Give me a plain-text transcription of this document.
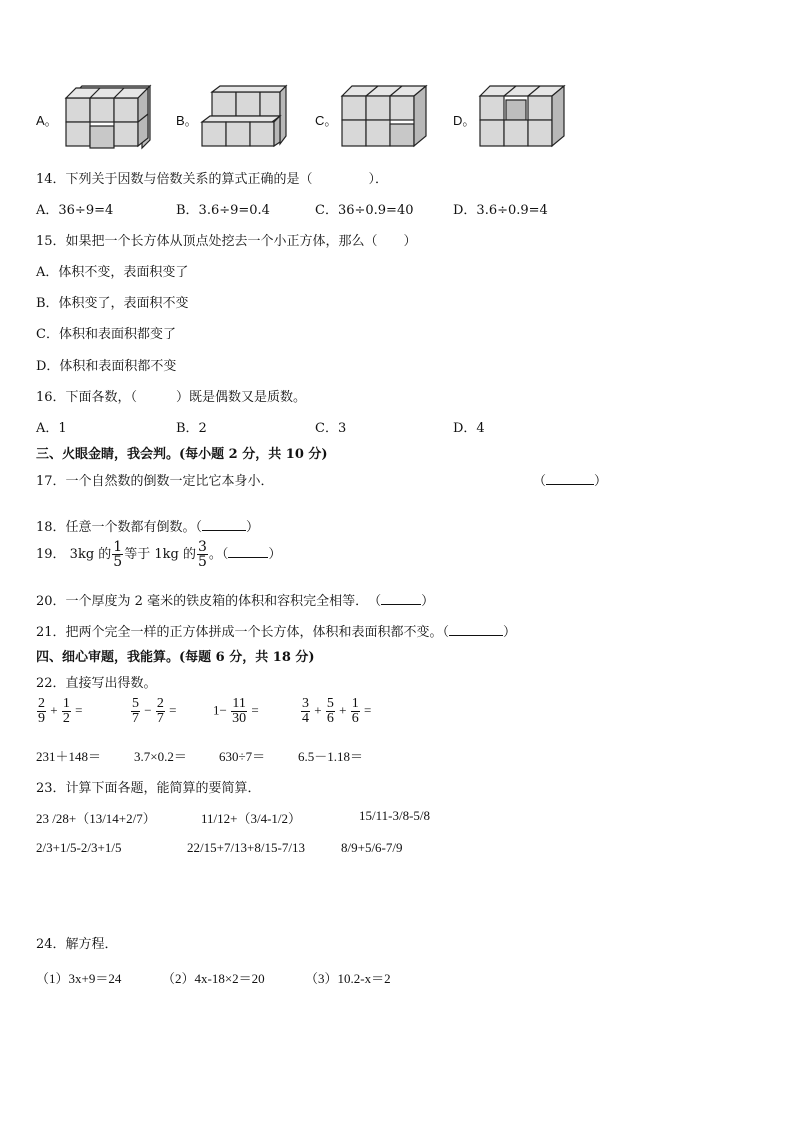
A。	B。	C。	D。
14．下列关于因数与倍数关系的算式正确的是（	）．
A．36÷9=4	B．3.6÷9=0.4	C．36÷0.9=40	D．3.6÷0.9=4
15．如果把一个长方体从顶点处挖去一个小正方体，那么（　　）
A．体积不变，表面积变了
B．体积变了，表面积不变
C．体积和表面积都变了
D．体积和表面积都不变
16．下面各数，（　　　）既是偶数又是质数。
A．1	B．2	C．3	D．4
三、火眼金睛，我会判。(每小题 2 分，共 10 分)
17．一个自然数的倒数一定比它本身小．	（	）
18．任意一个数都有倒数。（	）
19． 3kg 的 $\frac{1}{5}$ 等于 1kg 的 $\frac{3}{5}$ 。（	）
20．一个厚度为 2 毫米的铁皮箱的体积和容积完全相等．　（	）
21．把两个完全一样的正方体拼成一个长方体，体积和表面积都不变。（	）
四、细心审题，我能算。(每题 6 分，共 18 分)
22．直接写出得数。
$\frac{2}{9} + \frac{1}{2}$ =	$\frac{5}{7} - \frac{2}{7}$ =	$1- \frac{11}{30}$ =	$\frac{3}{4} + \frac{5}{6} + \frac{1}{6}$ =
231＋148＝	3.7×0.2＝ 630÷7＝	6.5－1.18＝
23．计算下面各题，能简算的要简算．
23 /28+（13/14+2/7）	11/12+（3/4-1/2）	15/11-3/8-5/8
2/3+1/5-2/3+1/5	22/15+7/13+8/15-7/13	8/9+5/6-7/9
24．解方程．
（1）3x+9＝24	（2）4x-18×2＝20	（3）10.2-x＝2
